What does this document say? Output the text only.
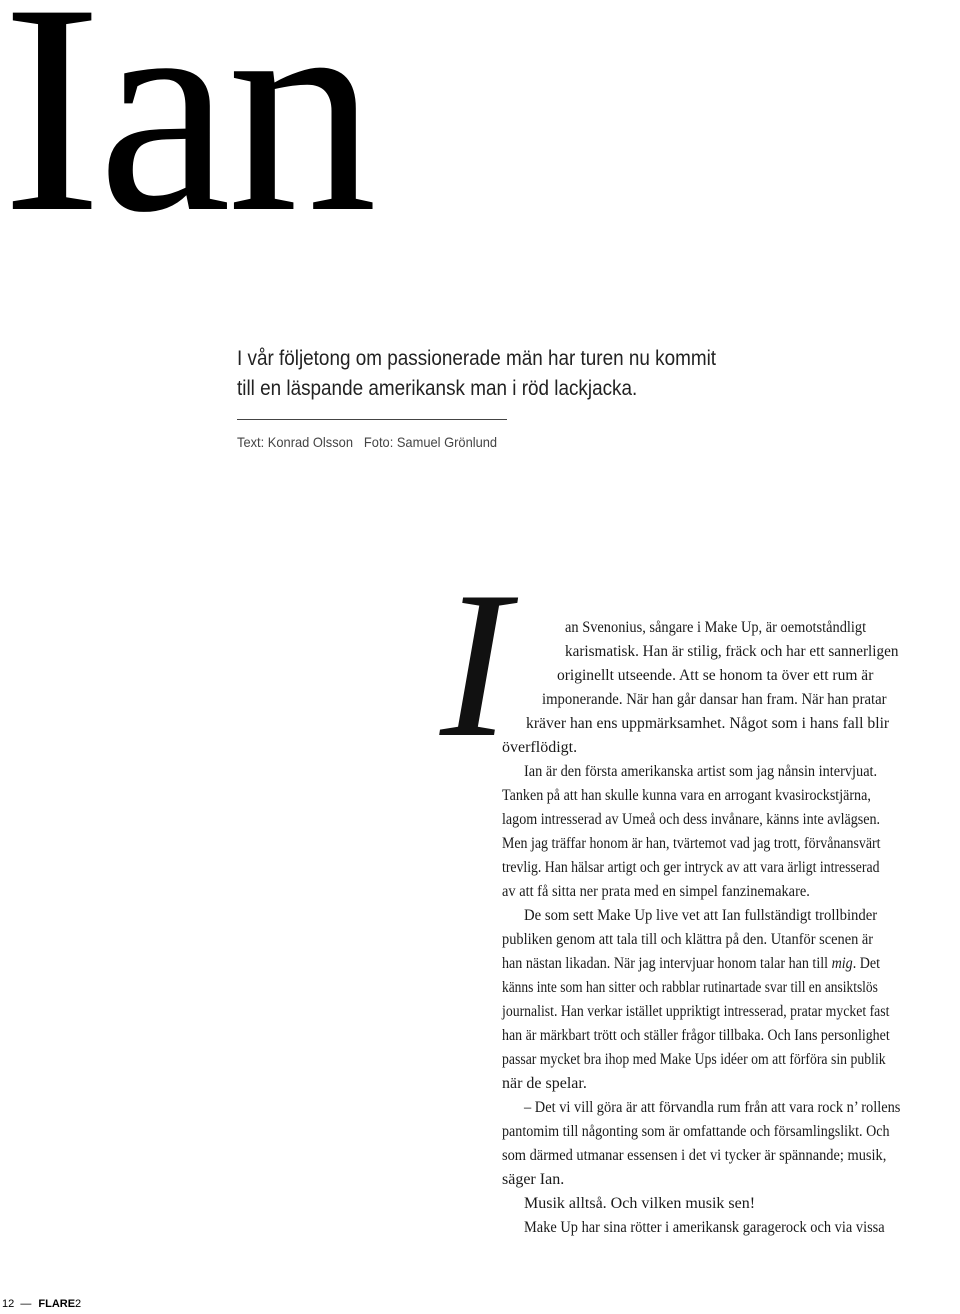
Ian
I vår följetong om passionerade män har turen nu kommit
till en läspande amerikansk man i röd lackjacka.
Text: Konrad Olsson Foto: Samuel Grönlund
I	an Svenonius, sångare i Make Up, är oemotståndligt
karismatisk. Han är stilig, fräck och har ett sannerligen
originellt utseende. Att se honom ta över ett rum är
imponerande. När han går dansar han fram. När han pratar
kräver han ens uppmärksamhet. Något som i hans fall blir
överflödigt.
Ian är den första amerikanska artist som jag nånsin intervjuat.
Tanken på att han skulle kunna vara en arrogant kvasirockstjärna,
lagom intresserad av Umeå och dess invånare, känns inte avlägsen.
Men jag träffar honom är han, tvärtemot vad jag trott, förvånansvärt
trevlig. Han hälsar artigt och ger intryck av att vara ärligt intresserad
av att få sitta ner prata med en simpel fanzinemakare.
De som sett Make Up live vet att Ian fullständigt trollbinder
publiken genom att tala till och klättra på den. Utanför scenen är
han nästan likadan. När jag intervjuar honom talar han till mig. Det
känns inte som han sitter och rabblar rutinartade svar till en ansiktslös
journalist. Han verkar istället uppriktigt intresserad, pratar mycket fast
han är märkbart trött och ställer frågor tillbaka. Och Ians personlighet
passar mycket bra ihop med Make Ups idéer om att förföra sin publik
när de spelar.
– Det vi vill göra är att förvandla rum från att vara rock n’ rollens
pantomim till någonting som är omfattande och församlingslikt. Och
som därmed utmanar essensen i det vi tycker är spännande; musik,
säger Ian.
Musik alltså. Och vilken musik sen!
Make Up har sina rötter i amerikansk garagerock och via vissa
12 — FLARE2
